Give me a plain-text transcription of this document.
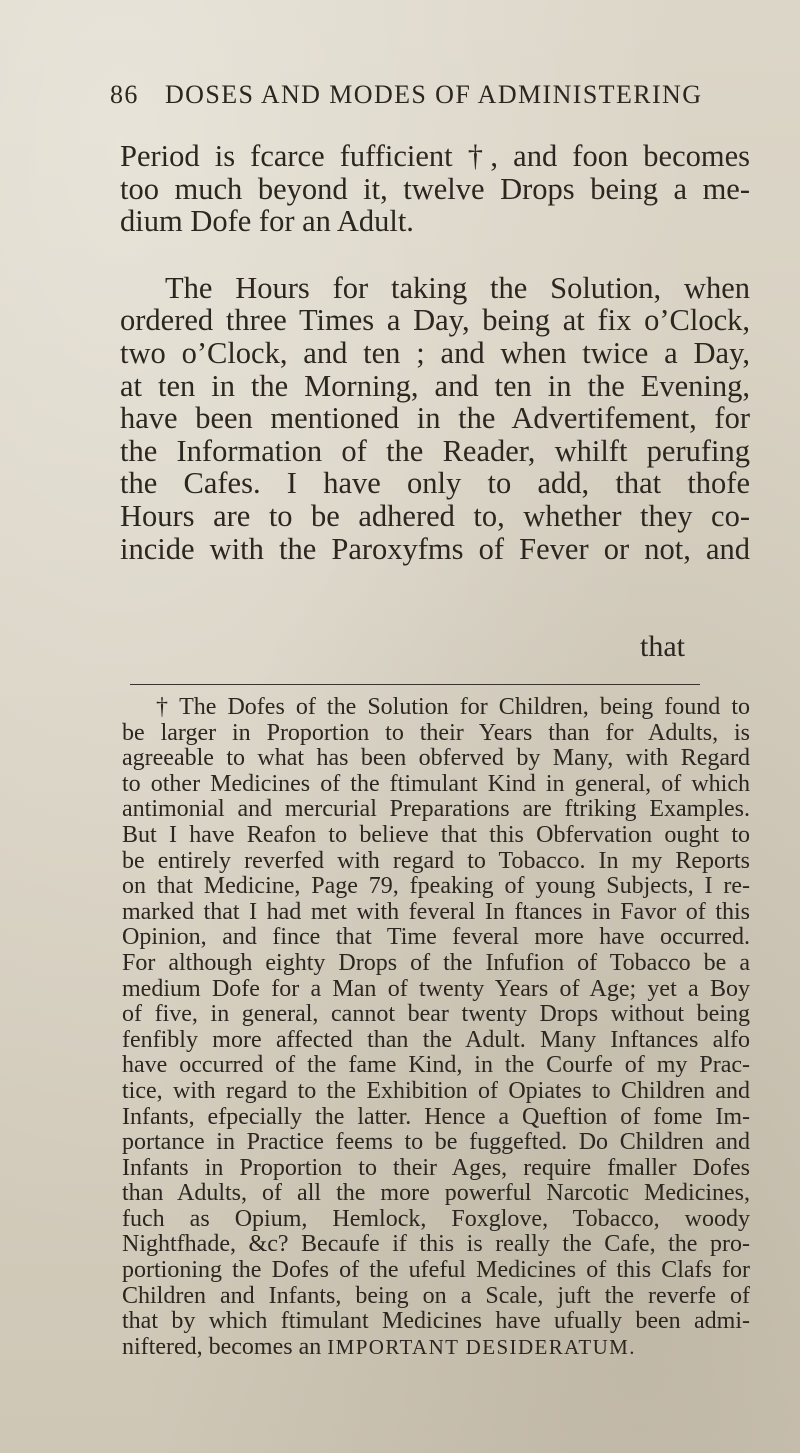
86 DOSES AND MODES OF ADMINISTERING

Period is fcarce fufficient †, and foon becomes

too much beyond it, twelve Drops being a me-

dium Dofe for an Adult.

The Hours for taking the Solution, when

ordered three Times a Day, being at fix o’Clock,

two o’Clock, and ten ; and when twice a Day,

at ten in the Morning, and ten in the Evening,

have been mentioned in the Advertifement, for

the Information of the Reader, whilft perufing

the Cafes. I have only to add, that thofe

Hours are to be adhered to, whether they co-

incide with the Paroxyfms of Fever or not, and

that

† The Dofes of the Solution for Children, being found to

be larger in Proportion to their Years than for Adults, is

agreeable to what has been obferved by Many, with Regard

to other Medicines of the ftimulant Kind in general, of which

antimonial and mercurial Preparations are ftriking Examples.

But I have Reafon to believe that this Obfervation ought to

be entirely reverfed with regard to Tobacco. In my Reports

on that Medicine, Page 79, fpeaking of young Subjects, I re-

marked that I had met with feveral In ftances in Favor of this

Opinion, and fince that Time feveral more have occurred.

For although eighty Drops of the Infufion of Tobacco be a

medium Dofe for a Man of twenty Years of Age; yet a Boy

of five, in general, cannot bear twenty Drops without being

fenfibly more affected than the Adult. Many Inftances alfo

have occurred of the fame Kind, in the Courfe of my Prac-

tice, with regard to the Exhibition of Opiates to Children and

Infants, efpecially the latter. Hence a Queftion of fome Im-

portance in Practice feems to be fuggefted. Do Children and

Infants in Proportion to their Ages, require fmaller Dofes

than Adults, of all the more powerful Narcotic Medicines,

fuch as Opium, Hemlock, Foxglove, Tobacco, woody

Nightfhade, &c? Becaufe if this is really the Cafe, the pro-

portioning the Dofes of the ufeful Medicines of this Clafs for

Children and Infants, being on a Scale, juft the reverfe of

that by which ftimulant Medicines have ufually been admi-

niftered, becomes an IMPORTANT DESIDERATUM.
